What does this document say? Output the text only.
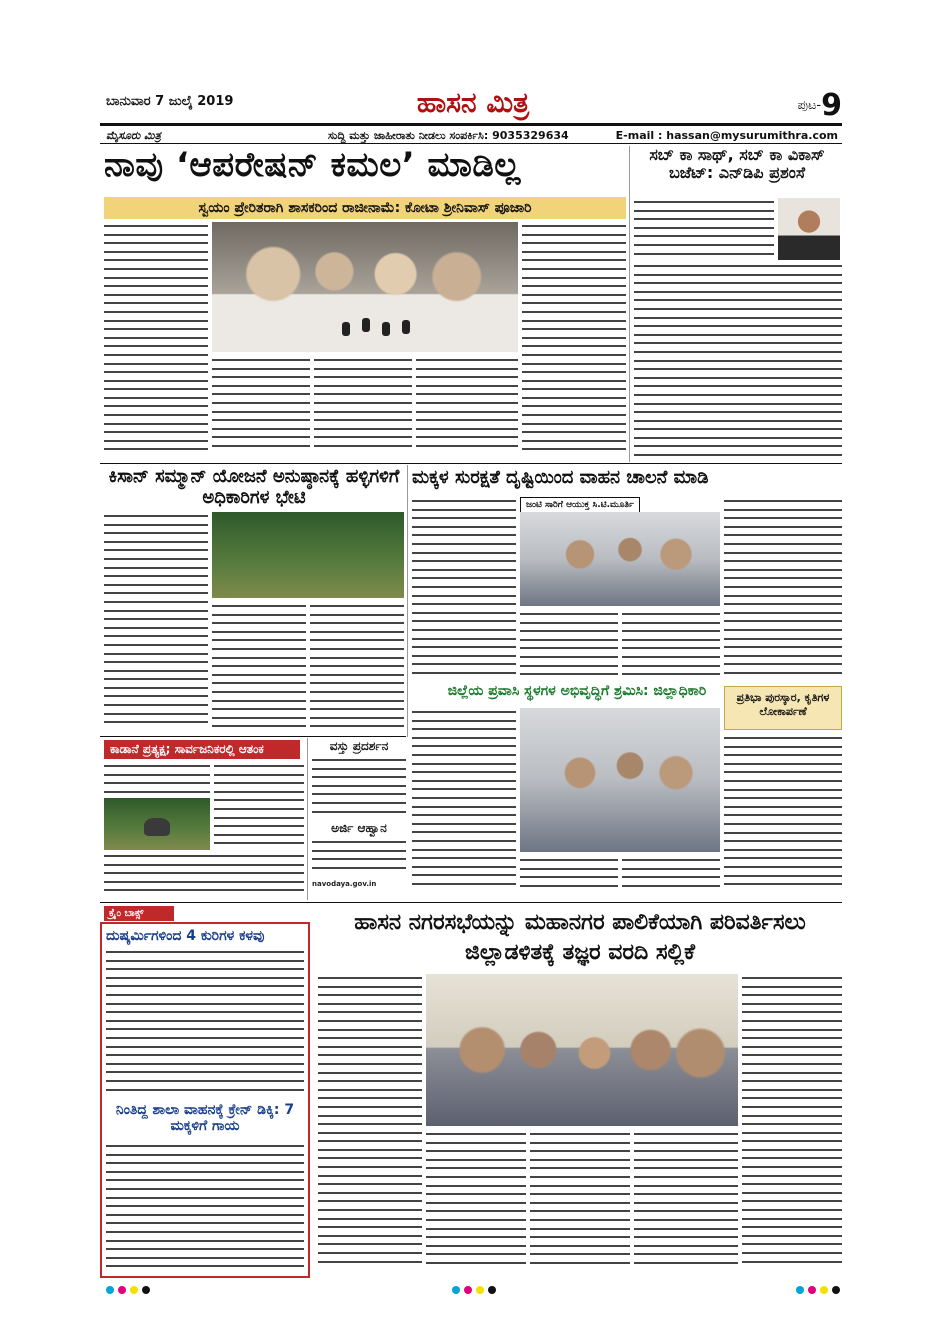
ಬಾನುವಾರ 7 ಜುಲೈ 2019	ಹಾಸನ ಮಿತ್ರ	ಪುಟ-9
ಮೈಸೂರು ಮಿತ್ರ	ಸುದ್ದಿ ಮತ್ತು ಜಾಹೀರಾತು ನೀಡಲು ಸಂಪರ್ಕಿಸಿ: 9035329634	E-mail : hassan@mysurumithra.com
ನಾವು ‘ಆಪರೇಷನ್ ಕಮಲ’ ಮಾಡಿಲ್ಲ
ಸ್ವಯಂ ಪ್ರೇರಿತರಾಗಿ ಶಾಸಕರಿಂದ ರಾಜೀನಾಮೆ: ಕೋಟಾ ಶ್ರೀನಿವಾಸ್ ಪೂಜಾರಿ
ಸಬ್ ಕಾ ಸಾಥ್, ಸಬ್ ಕಾ ವಿಕಾಸ್ ಬಜೆಟ್: ಎನ್‌ಡಿಪಿ ಪ್ರಶಂಸೆ
ಕಿಸಾನ್ ಸಮ್ಮಾನ್ ಯೋಜನೆ ಅನುಷ್ಠಾನಕ್ಕೆ ಹಳ್ಳಿಗಳಿಗೆ ಅಧಿಕಾರಿಗಳ ಭೇಟಿ
ಮಕ್ಕಳ ಸುರಕ್ಷತೆ ದೃಷ್ಟಿಯಿಂದ ವಾಹನ ಚಾಲನೆ ಮಾಡಿ
ಜಂಟಿ ಸಾರಿಗೆ ಆಯುಕ್ತ ಸಿ.ಟಿ.ಮೂರ್ತಿ
ಜಿಲ್ಲೆಯ ಪ್ರವಾಸಿ ಸ್ಥಳಗಳ ಅಭಿವೃದ್ಧಿಗೆ ಶ್ರಮಿಸಿ: ಜಿಲ್ಲಾಧಿಕಾರಿ	ಪ್ರತಿಭಾ ಪುರಸ್ಕಾರ, ಕೃತಿಗಳ ಲೋಕಾರ್ಪಣೆ
ಕಾಡಾನೆ ಪ್ರತ್ಯಕ್ಷ; ಸಾರ್ವಜನಿಕರಲ್ಲಿ ಆತಂಕ	ವಸ್ತು ಪ್ರದರ್ಶನ
ಅರ್ಜಿ ಆಹ್ವಾನ
navodaya.gov.in
ಕ್ರೈಂ ಬಾಕ್ಸ್
ದುಷ್ಕರ್ಮಿಗಳಿಂದ 4 ಕುರಿಗಳ ಕಳವು
ನಿಂತಿದ್ದ ಶಾಲಾ ವಾಹನಕ್ಕೆ ಕ್ರೇನ್ ಡಿಕ್ಕಿ: 7 ಮಕ್ಕಳಿಗೆ ಗಾಯ
ಹಾಸನ ನಗರಸಭೆಯನ್ನು ಮಹಾನಗರ ಪಾಲಿಕೆಯಾಗಿ ಪರಿವರ್ತಿಸಲು ಜಿಲ್ಲಾಡಳಿತಕ್ಕೆ ತಜ್ಞರ ವರದಿ ಸಲ್ಲಿಕೆ
